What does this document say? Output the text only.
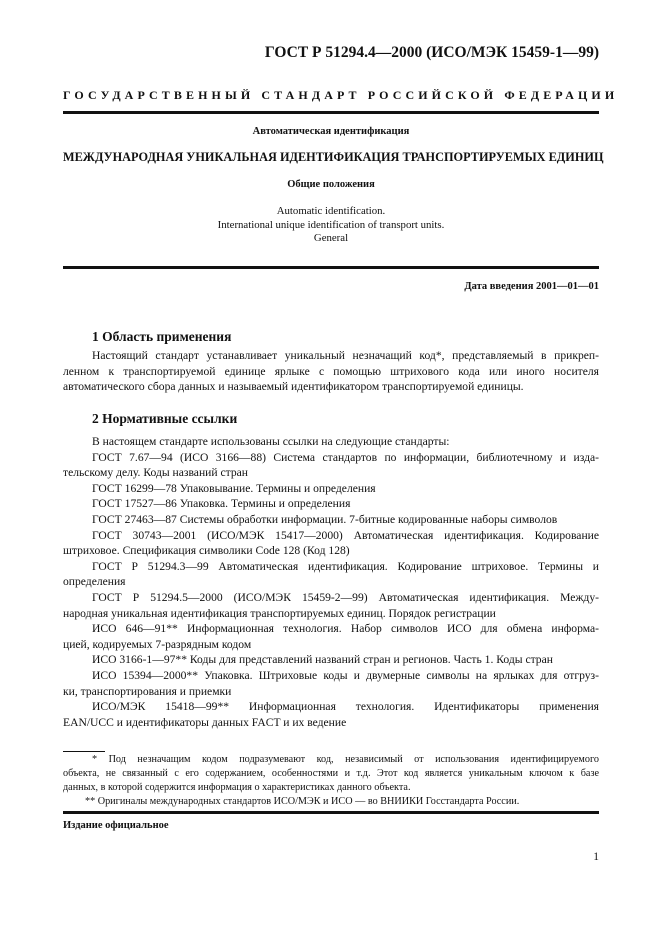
ГОСТ Р 51294.4—2000 (ИСО/МЭК 15459-1—99)
ГОСУДАРСТВЕННЫЙ СТАНДАРТ РОССИЙСКОЙ ФЕДЕРАЦИИ
Автоматическая идентификация
МЕЖДУНАРОДНАЯ УНИКАЛЬНАЯ ИДЕНТИФИКАЦИЯ ТРАНСПОРТИРУЕМЫХ ЕДИНИЦ
Общие положения
Automatic identification.
International unique identification of transport units.
General
Дата введения 2001—01—01
1 Область применения
Настоящий стандарт устанавливает уникальный незначащий код*, представляемый в прикреп-
ленном к транспортируемой единице ярлыке с помощью штрихового кода или иного носителя
автоматического сбора данных и называемый идентификатором транспортируемой единицы.
2 Нормативные ссылки
В настоящем стандарте использованы ссылки на следующие стандарты:
ГОСТ 7.67—94 (ИСО 3166—88) Система стандартов по информации, библиотечному и изда-
тельскому делу. Коды названий стран
ГОСТ 16299—78 Упаковывание. Термины и определения
ГОСТ 17527—86 Упаковка. Термины и определения
ГОСТ 27463—87 Системы обработки информации. 7-битные кодированные наборы символов
ГОСТ 30743—2001 (ИСО/МЭК 15417—2000) Автоматическая идентификация. Кодирование
штриховое. Спецификация символики Code 128 (Код 128)
ГОСТ Р 51294.3—99 Автоматическая идентификация. Кодирование штриховое. Термины и
определения
ГОСТ Р 51294.5—2000 (ИСО/МЭК 15459-2—99) Автоматическая идентификация. Между-
народная уникальная идентификация транспортируемых единиц. Порядок регистрации
ИСО 646—91** Информационная технология. Набор символов ИСО для обмена информа-
цией, кодируемых 7-разрядным кодом
ИСО 3166-1—97** Коды для представлений названий стран и регионов. Часть 1. Коды стран
ИСО 15394—2000** Упаковка. Штриховые коды и двумерные символы на ярлыках для отгруз-
ки, транспортирования и приемки
ИСО/МЭК 15418—99** Информационная технология. Идентификаторы применения
EAN/UCC и идентификаторы данных FACT и их ведение
* Под незначащим кодом подразумевают код, независимый от использования идентифицируемого
объекта, не связанный с его содержанием, особенностями и т.д. Этот код является уникальным ключом к базе
данных, в которой содержится информация о характеристиках данного объекта.
** Оригиналы международных стандартов ИСО/МЭК и ИСО — во ВНИИКИ Госстандарта России.
Издание официальное
1
